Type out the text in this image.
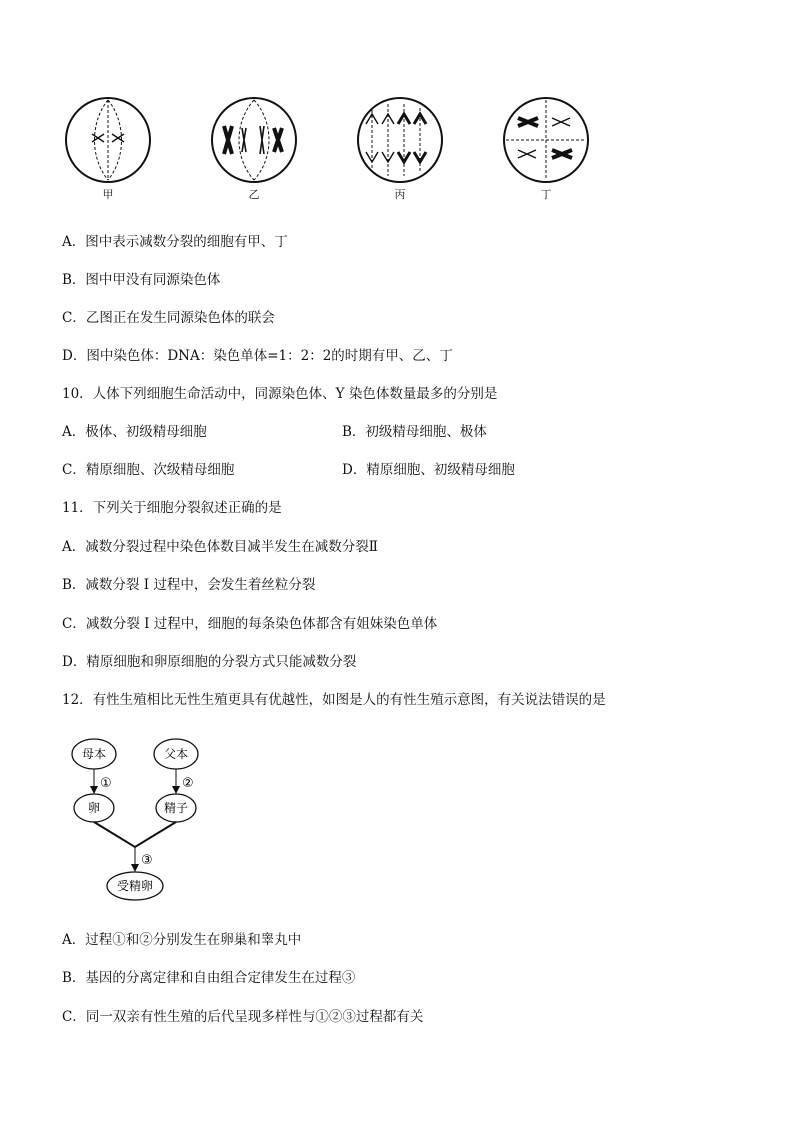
甲	乙	丙	丁
A．图中表示减数分裂的细胞有甲、丁
B．图中甲没有同源染色体
C．乙图正在发生同源染色体的联会
D．图中染色体：DNA：染色单体=1：2：2的时期有甲、乙、丁
10．人体下列细胞生命活动中，同源染色体、Y 染色体数量最多的分别是
A．极体、初级精母细胞	B．初级精母细胞、极体
C．精原细胞、次级精母细胞	D．精原细胞、初级精母细胞
11．下列关于细胞分裂叙述正确的是
A．减数分裂过程中染色体数目减半发生在减数分裂Ⅱ
B．减数分裂 I 过程中，会发生着丝粒分裂
C．减数分裂 I 过程中，细胞的每条染色体都含有姐妹染色单体
D．精原细胞和卵原细胞的分裂方式只能减数分裂
12．有性生殖相比无性生殖更具有优越性，如图是人的有性生殖示意图，有关说法错误的是
母本	父本
①	②
卵	精子
③
受精卵
A．过程①和②分别发生在卵巢和睾丸中
B．基因的分离定律和自由组合定律发生在过程③
C．同一双亲有性生殖的后代呈现多样性与①②③过程都有关
